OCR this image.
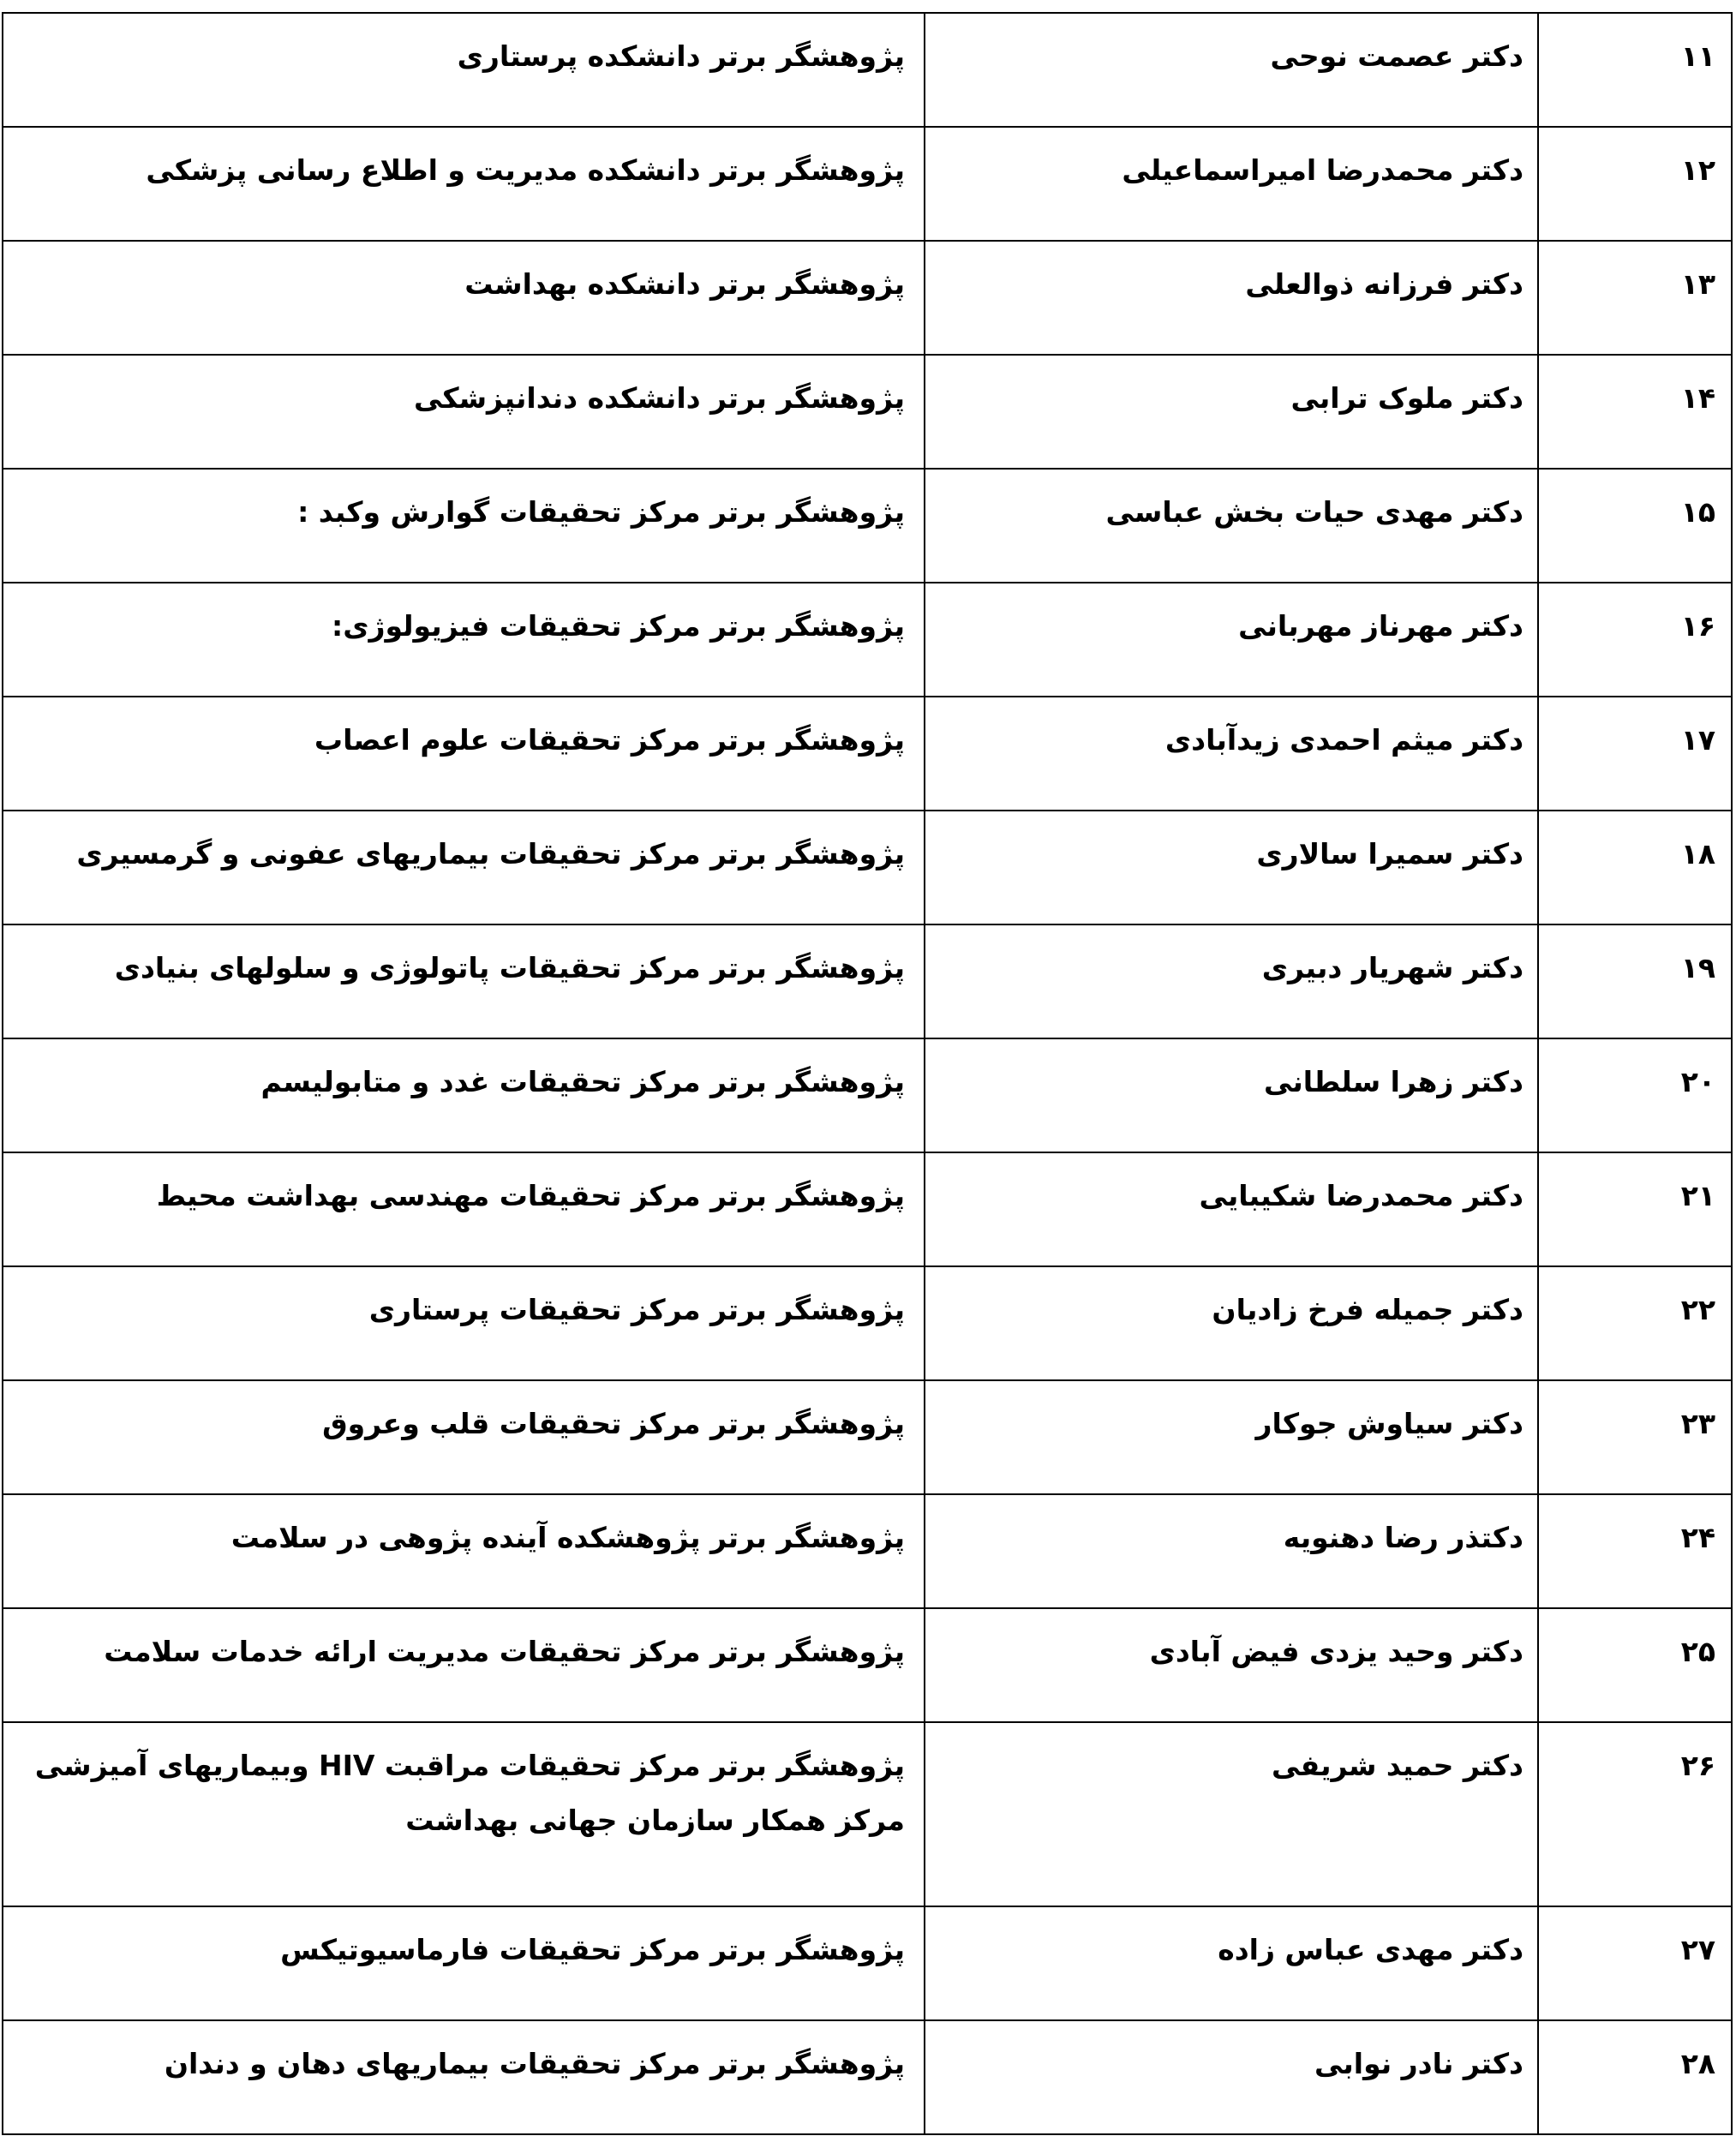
۱۱
دکتر عصمت نوحی
پژوهشگر برتر دانشکده پرستاری
۱۲
دکتر محمدرضا امیراسماعیلی
پژوهشگر برتر دانشکده مدیریت و اطلاع رسانی پزشکی
۱۳
دکتر فرزانه ذوالعلی
پژوهشگر برتر دانشکده بهداشت
۱۴
دکتر ملوک ترابی
پژوهشگر برتر دانشکده دندانپزشکی
۱۵
دکتر مهدی حیات بخش عباسی
پژوهشگر برتر مرکز تحقیقات گوارش وکبد :
۱۶
دکتر مهرناز مهربانی
پژوهشگر برتر مرکز تحقیقات فیزیولوژی:
۱۷
دکتر میثم احمدی زیدآبادی
پژوهشگر برتر مرکز تحقیقات علوم اعصاب
۱۸
دکتر سمیرا سالاری
پژوهشگر برتر مرکز تحقیقات بیماریهای عفونی و گرمسیری
۱۹
دکتر شهریار دبیری
پژوهشگر برتر مرکز تحقیقات پاتولوژی و سلولهای بنیادی
۲۰
دکتر زهرا سلطانی
پژوهشگر برتر مرکز تحقیقات غدد و متابولیسم
۲۱
دکتر محمدرضا شکیبایی
پژوهشگر برتر مرکز تحقیقات مهندسی بهداشت محیط
۲۲
دکتر جمیله فرخ زادیان
پژوهشگر برتر مرکز تحقیقات پرستاری
۲۳
دکتر سیاوش جوکار
پژوهشگر برتر مرکز تحقیقات قلب وعروق
۲۴
دکتذر رضا دهنویه
پژوهشگر برتر پژوهشکده آینده پژوهی در سلامت
۲۵
دکتر وحید یزدی فیض آبادی
پژوهشگر برتر مرکز تحقیقات مدیریت ارائه خدمات سلامت
۲۶
دکتر حمید شریفی
پژوهشگر برتر مرکز تحقیقات مراقبت HIV وبیماریهای آمیزشی
مرکز همکار سازمان جهانی بهداشت
۲۷
دکتر مهدی عباس زاده
پژوهشگر برتر مرکز تحقیقات فارماسیوتیکس
۲۸
دکتر نادر نوابی
پژوهشگر برتر مرکز تحقیقات بیماریهای دهان و دندان
